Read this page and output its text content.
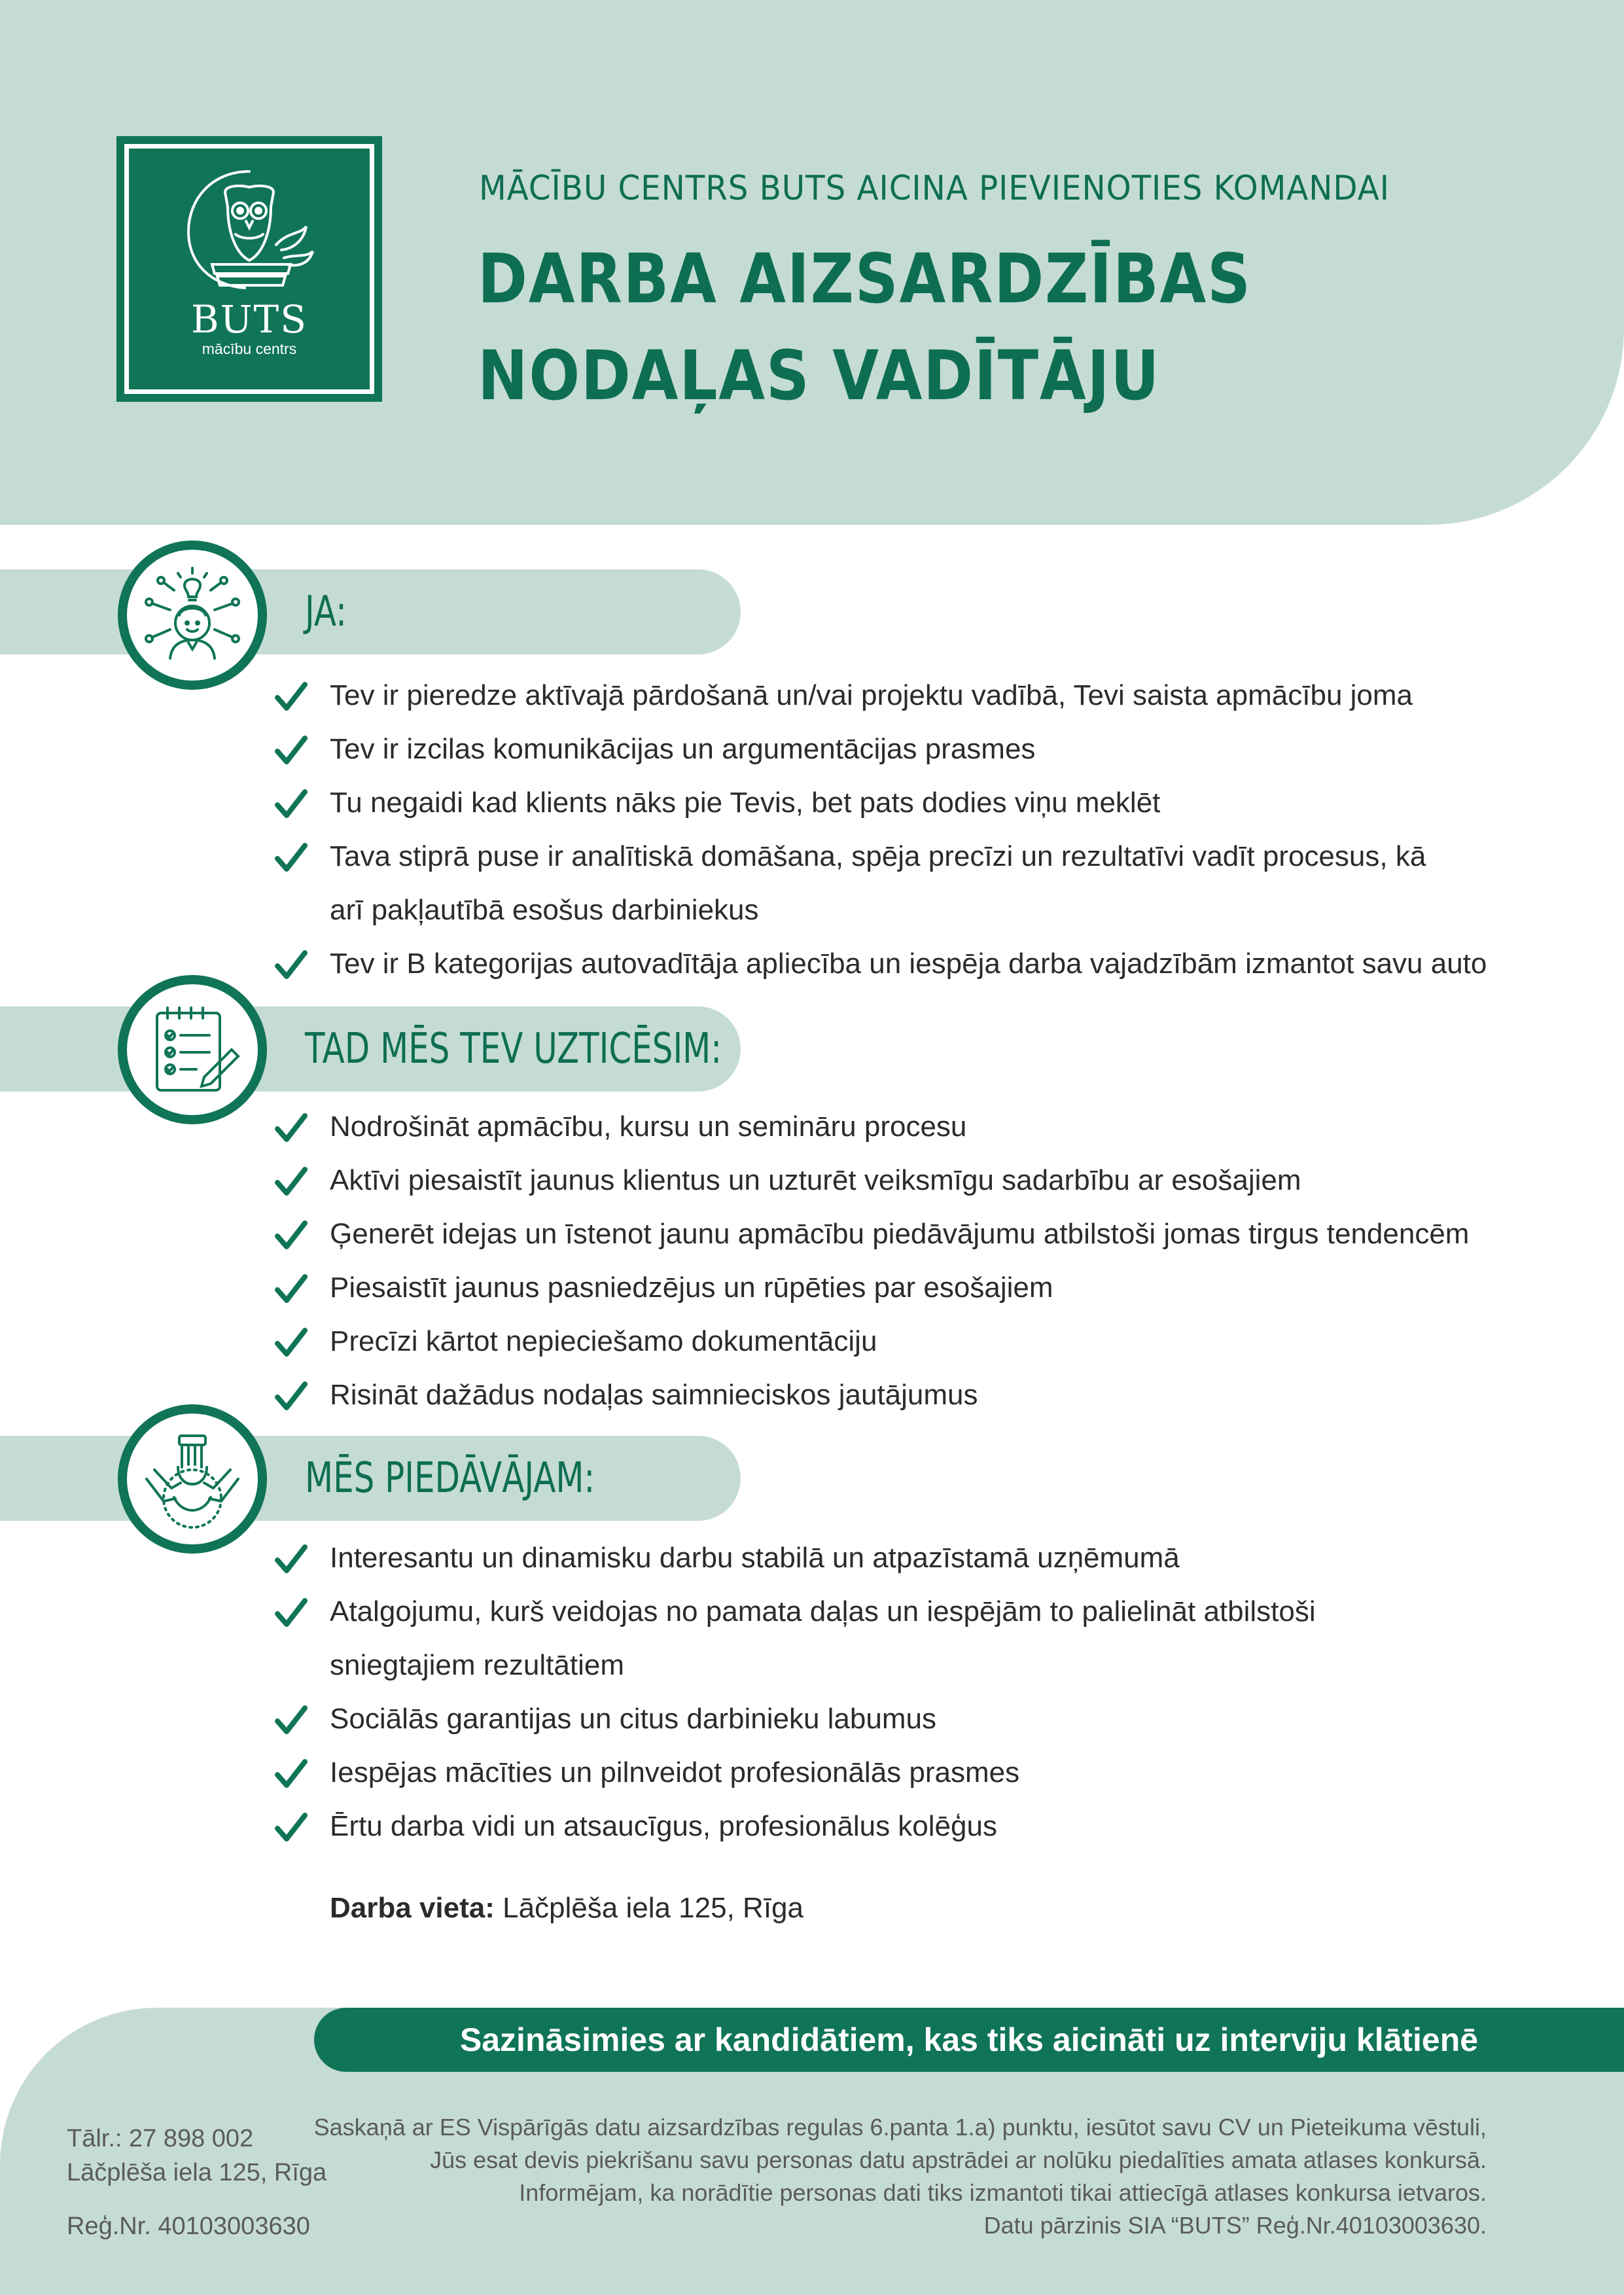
BUTS
mācību centrs
MĀCĪBU CENTRS BUTS AICINA PIEVIENOTIES KOMANDAI
DARBA AIZSARDZĪBAS
NODAĻAS VADĪTĀJU
JA:
Tev ir pieredze aktīvajā pārdošanā un/vai projektu vadībā, Tevi saista apmācību joma
Tev ir izcilas komunikācijas un argumentācijas prasmes
Tu negaidi kad klients nāks pie Tevis, bet pats dodies viņu meklēt
Tava stiprā puse ir analītiskā domāšana, spēja precīzi un rezultatīvi vadīt procesus, kā arī pakļautībā esošus darbiniekus
Tev ir B kategorijas autovadītāja apliecība un iespēja darba vajadzībām izmantot savu auto
TAD MĒS TEV UZTICĒSIM:
Nodrošināt apmācību, kursu un semināru procesu
Aktīvi piesaistīt jaunus klientus un uzturēt veiksmīgu sadarbību ar esošajiem
Ģenerēt idejas un īstenot jaunu apmācību piedāvājumu atbilstoši jomas tirgus tendencēm
Piesaistīt jaunus pasniedzējus un rūpēties par esošajiem
Precīzi kārtot nepieciešamo dokumentāciju
Risināt dažādus nodaļas saimnieciskos jautājumus
MĒS PIEDĀVĀJAM:
Interesantu un dinamisku darbu stabilā un atpazīstamā uzņēmumā
Atalgojumu, kurš veidojas no pamata daļas un iespējām to palielināt atbilstoši sniegtajiem rezultātiem
Sociālās garantijas un citus darbinieku labumus
Iespējas mācīties un pilnveidot profesionālās prasmes
Ērtu darba vidi un atsaucīgus, profesionālus kolēģus
Darba vieta: Lāčplēša iela 125, Rīga
Sazināsimies ar kandidātiem, kas tiks aicināti uz interviju klātienē
Tālr.: 27 898 002
Lāčplēša iela 125, Rīga
Reģ.Nr. 40103003630
Saskaņā ar ES Vispārīgās datu aizsardzības regulas 6.panta 1.a) punktu, iesūtot savu CV un Pieteikuma vēstuli,
Jūs esat devis piekrišanu savu personas datu apstrādei ar nolūku piedalīties amata atlases konkursā.
Informējam, ka norādītie personas dati tiks izmantoti tikai attiecīgā atlases konkursa ietvaros.
Datu pārzinis SIA “BUTS” Reģ.Nr.40103003630.
